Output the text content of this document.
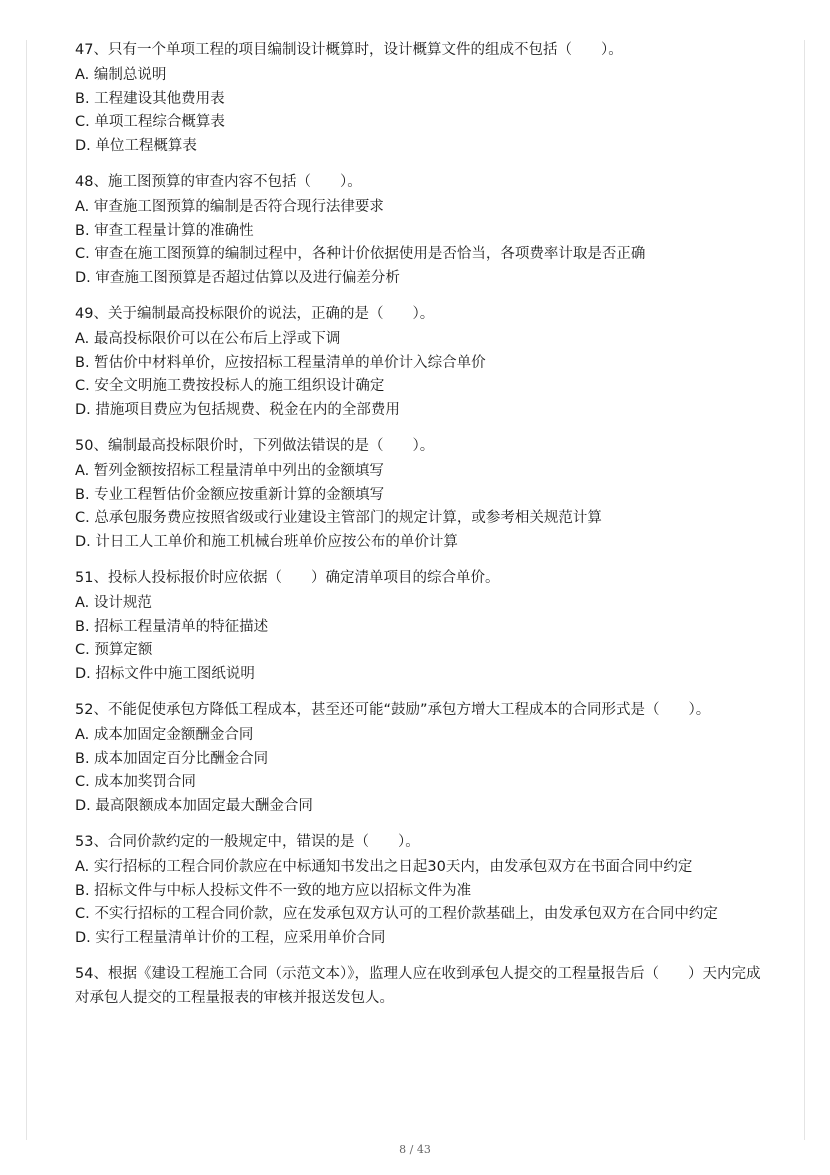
47、只有一个单项工程的项目编制设计概算时，设计概算文件的组成不包括（　　）。

A. 编制总说明

B. 工程建设其他费用表

C. 单项工程综合概算表

D. 单位工程概算表

48、施工图预算的审查内容不包括（　　）。

A. 审查施工图预算的编制是否符合现行法律要求

B. 审查工程量计算的准确性

C. 审查在施工图预算的编制过程中，各种计价依据使用是否恰当，各项费率计取是否正确

D. 审查施工图预算是否超过估算以及进行偏差分析

49、关于编制最高投标限价的说法，正确的是（　　）。

A. 最高投标限价可以在公布后上浮或下调

B. 暂估价中材料单价，应按招标工程量清单的单价计入综合单价

C. 安全文明施工费按投标人的施工组织设计确定

D. 措施项目费应为包括规费、税金在内的全部费用

50、编制最高投标限价时，下列做法错误的是（　　）。

A. 暂列金额按招标工程量清单中列出的金额填写

B. 专业工程暂估价金额应按重新计算的金额填写

C. 总承包服务费应按照省级或行业建设主管部门的规定计算，或参考相关规范计算

D. 计日工人工单价和施工机械台班单价应按公布的单价计算

51、投标人投标报价时应依据（　　）确定清单项目的综合单价。

A. 设计规范

B. 招标工程量清单的特征描述

C. 预算定额

D. 招标文件中施工图纸说明

52、不能促使承包方降低工程成本，甚至还可能“鼓励”承包方增大工程成本的合同形式是（　　）。

A. 成本加固定金额酬金合同

B. 成本加固定百分比酬金合同

C. 成本加奖罚合同

D. 最高限额成本加固定最大酬金合同

53、合同价款约定的一般规定中，错误的是（　　）。

A. 实行招标的工程合同价款应在中标通知书发出之日起30天内，由发承包双方在书面合同中约定

B. 招标文件与中标人投标文件不一致的地方应以招标文件为准

C. 不实行招标的工程合同价款，应在发承包双方认可的工程价款基础上，由发承包双方在合同中约定

D. 实行工程量清单计价的工程，应采用单价合同

54、根据《建设工程施工合同（示范文本）》，监理人应在收到承包人提交的工程量报告后（　　）天内完成对承包人提交的工程量报表的审核并报送发包人。

8 / 43
